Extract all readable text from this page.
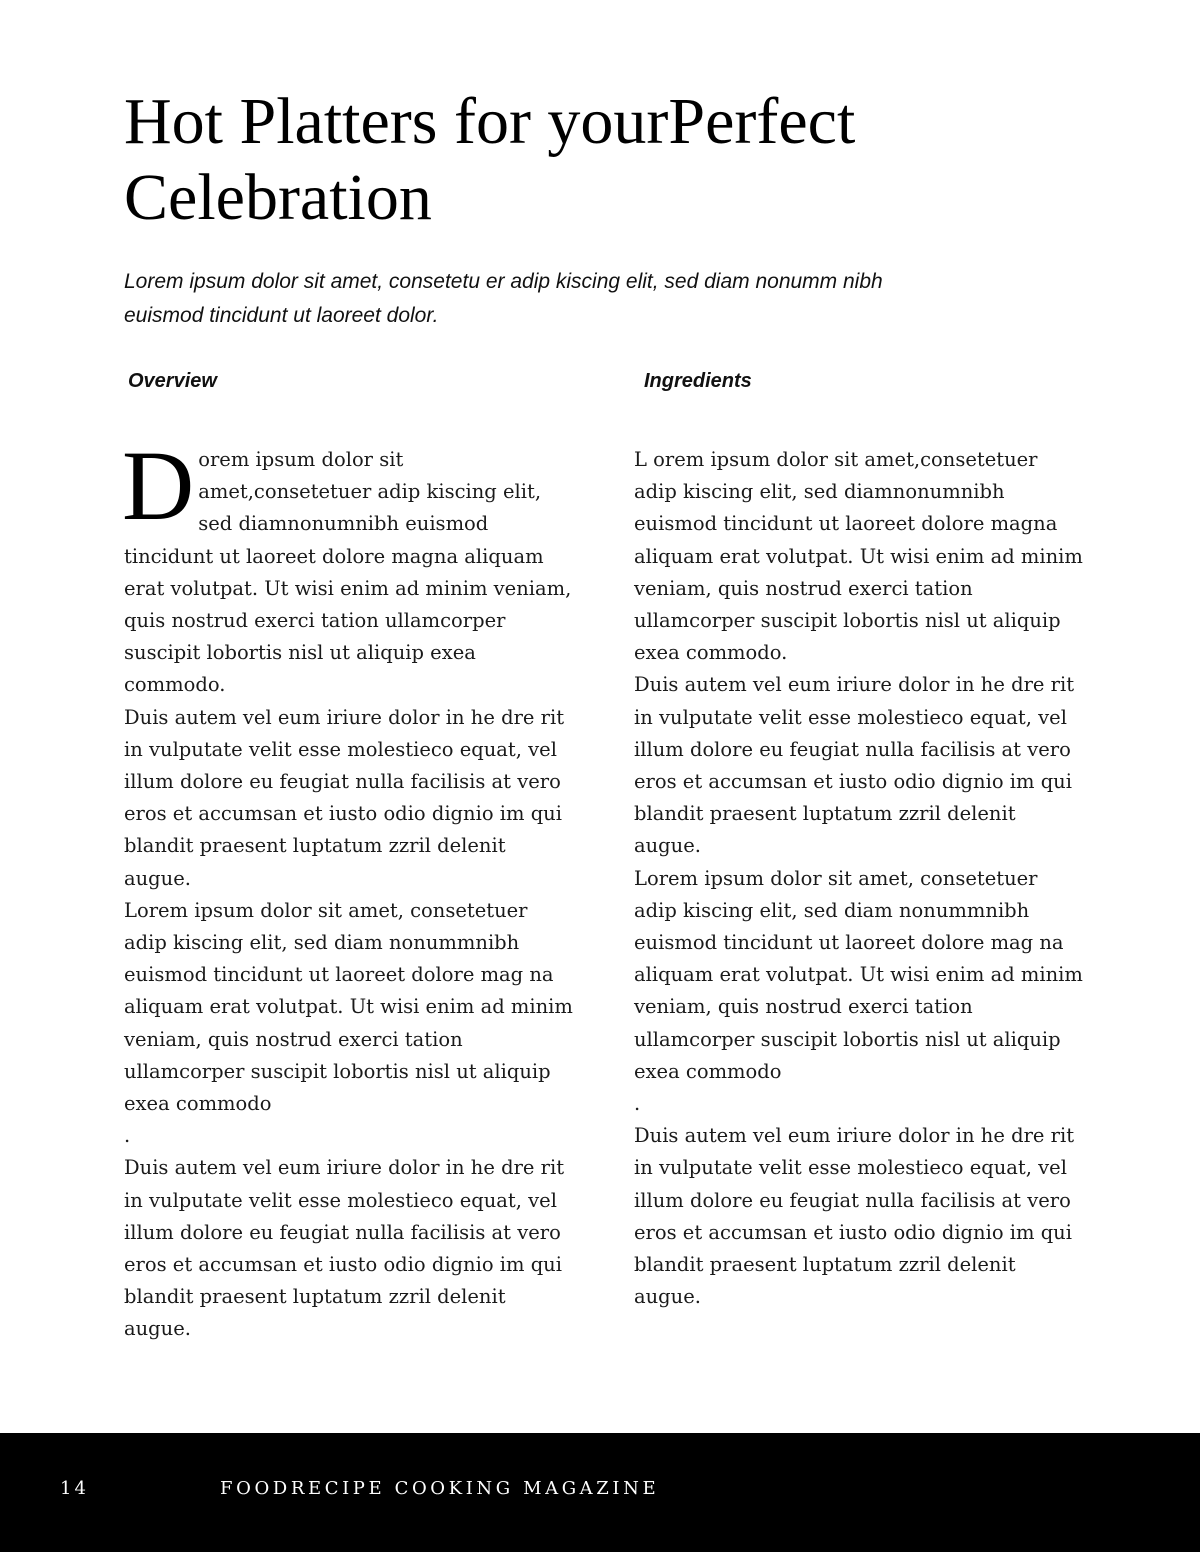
Hot Platters for yourPerfect Celebration

Lorem ipsum dolor sit amet, consetetu er adip kiscing elit, sed diam nonumm nibh euismod tincidunt ut laoreet dolor.

Overview	Ingredients

Dorem ipsum dolor sit amet,consetetuer adip kiscing elit, sed diamnonumnibh euismod tincidunt ut laoreet dolore magna aliquam erat volutpat. Ut wisi enim ad minim veniam, quis nostrud exerci tation ullamcorper suscipit lobortis nisl ut aliquip exea commodo.

Duis autem vel eum iriure dolor in he dre rit in vulputate velit esse molestieco equat, vel illum dolore eu feugiat nulla facilisis at vero eros et accumsan et iusto odio dignio im qui blandit praesent luptatum zzril delenit augue.

Lorem ipsum dolor sit amet, consetetuer adip kiscing elit, sed diam nonummnibh euismod tincidunt ut laoreet dolore mag na aliquam erat volutpat. Ut wisi enim ad minim veniam, quis nostrud exerci tation ullamcorper suscipit lobortis nisl ut aliquip exea commodo

.

Duis autem vel eum iriure dolor in he dre rit in vulputate velit esse molestieco equat, vel illum dolore eu feugiat nulla facilisis at vero eros et accumsan et iusto odio dignio im qui blandit praesent luptatum zzril delenit augue.

L orem ipsum dolor sit amet,consetetuer adip kiscing elit, sed diamnonumnibh euismod tincidunt ut laoreet dolore magna aliquam erat volutpat. Ut wisi enim ad minim veniam, quis nostrud exerci tation ullamcorper suscipit lobortis nisl ut aliquip exea commodo.

Duis autem vel eum iriure dolor in he dre rit in vulputate velit esse molestieco equat, vel illum dolore eu feugiat nulla facilisis at vero eros et accumsan et iusto odio dignio im qui blandit praesent luptatum zzril delenit augue.

Lorem ipsum dolor sit amet, consetetuer adip kiscing elit, sed diam nonummnibh euismod tincidunt ut laoreet dolore mag na aliquam erat volutpat. Ut wisi enim ad minim veniam, quis nostrud exerci tation ullamcorper suscipit lobortis nisl ut aliquip exea commodo

.

Duis autem vel eum iriure dolor in he dre rit in vulputate velit esse molestieco equat, vel illum dolore eu feugiat nulla facilisis at vero eros et accumsan et iusto odio dignio im qui blandit praesent luptatum zzril delenit augue.

14	FOODRECIPE COOKING MAGAZINE
